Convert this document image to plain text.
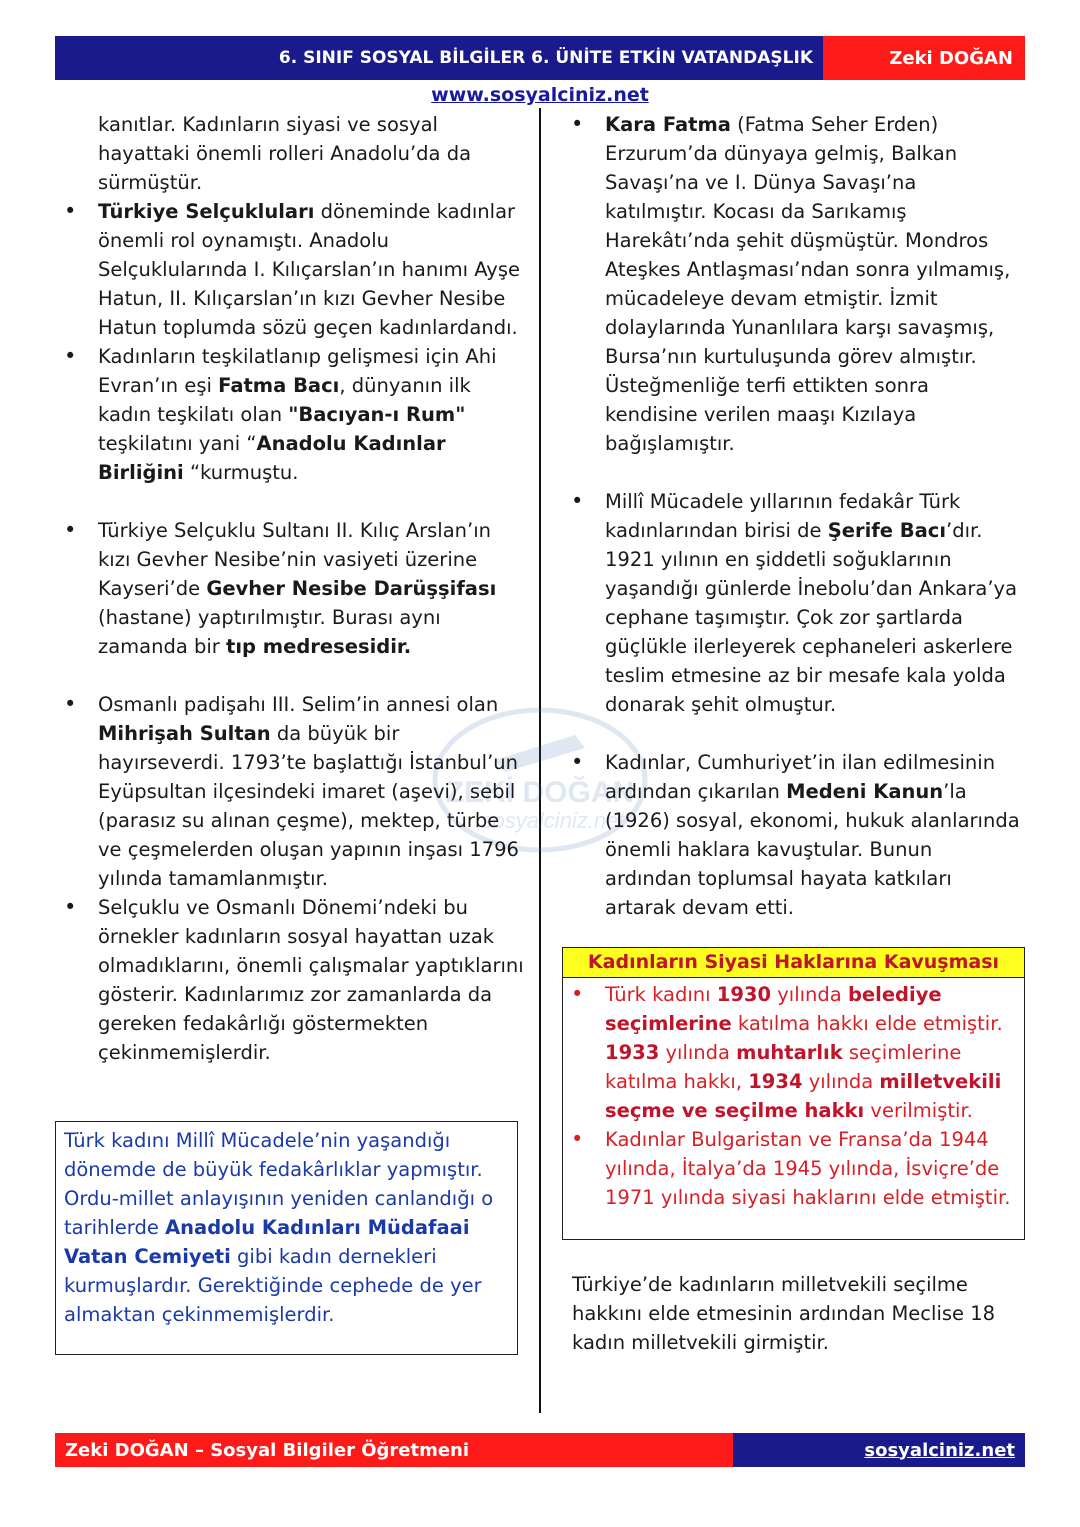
6. SINIF SOSYAL BİLGİLER 6. ÜNİTE ETKİN VATANDAŞLIK	Zeki DOĞAN
www.sosyalciniz.net
ZEKİ DOĞAN
sosyalciniz.net

kanıtlar. Kadınların siyasi ve sosyal hayattaki önemli rolleri Anadolu’da da sürmüştür.

• Türkiye Selçukluları döneminde kadınlar önemli rol oynamıştı. Anadolu Selçuklularında I. Kılıçarslan’ın hanımı Ayşe Hatun, II. Kılıçarslan’ın kızı Gevher Nesibe Hatun toplumda sözü geçen kadınlardandı.
• Kadınların teşkilatlanıp gelişmesi için Ahi Evran’ın eşi Fatma Bacı, dünyanın ilk kadın teşkilatı olan "Bacıyan-ı Rum" teşkilatını yani “Anadolu Kadınlar Birliğini “kurmuştu.
• Türkiye Selçuklu Sultanı II. Kılıç Arslan’ın kızı Gevher Nesibe’nin vasiyeti üzerine Kayseri’de Gevher Nesibe Darüşşifası (hastane) yaptırılmıştır. Burası aynı zamanda bir tıp medresesidir.
• Osmanlı padişahı III. Selim’in annesi olan Mihrişah Sultan da büyük bir hayırseverdi. 1793’te başlattığı İstanbul’un Eyüpsultan ilçesindeki imaret (aşevi), sebil (parasız su alınan çeşme), mektep, türbe ve çeşmelerden oluşan yapının inşası 1796 yılında tamamlanmıştır.
• Selçuklu ve Osmanlı Dönemi’ndeki bu örnekler kadınların sosyal hayattan uzak olmadıklarını, önemli çalışmalar yaptıklarını gösterir. Kadınlarımız zor zamanlarda da gereken fedakârlığı göstermekten çekinmemişlerdir.
Türk kadını Millî Mücadele’nin yaşandığı dönemde de büyük fedakârlıklar yapmıştır. Ordu-millet anlayışının yeniden canlandığı o tarihlerde Anadolu Kadınları Müdafaai Vatan Cemiyeti gibi kadın dernekleri kurmuşlardır. Gerektiğinde cephede de yer almaktan çekinmemişlerdir.
• Kara Fatma (Fatma Seher Erden) Erzurum’da dünyaya gelmiş, Balkan Savaşı’na ve I. Dünya Savaşı’na katılmıştır. Kocası da Sarıkamış Harekâtı’nda şehit düşmüştür. Mondros Ateşkes Antlaşması’ndan sonra yılmamış, mücadeleye devam etmiştir. İzmit dolaylarında Yunanlılara karşı savaşmış, Bursa’nın kurtuluşunda görev almıştır. Üsteğmenliğe terfi ettikten sonra kendisine verilen maaşı Kızılaya bağışlamıştır.
• Millî Mücadele yıllarının fedakâr Türk kadınlarından birisi de Şerife Bacı’dır. 1921 yılının en şiddetli soğuklarının yaşandığı günlerde İnebolu’dan Ankara’ya cephane taşımıştır. Çok zor şartlarda güçlükle ilerleyerek cephaneleri askerlere teslim etmesine az bir mesafe kala yolda donarak şehit olmuştur.
• Kadınlar, Cumhuriyet’in ilan edilmesinin ardından çıkarılan Medeni Kanun’la (1926) sosyal, ekonomi, hukuk alanlarında önemli haklara kavuştular. Bunun ardından toplumsal hayata katkıları artarak devam etti.
Kadınların Siyasi Haklarına Kavuşması
• Türk kadını 1930 yılında belediye seçimlerine katılma hakkı elde etmiştir. 1933 yılında muhtarlık seçimlerine katılma hakkı, 1934 yılında milletvekili seçme ve seçilme hakkı verilmiştir.
• Kadınlar Bulgaristan ve Fransa’da 1944 yılında, İtalya’da 1945 yılında, İsviçre’de 1971 yılında siyasi haklarını elde etmiştir.

Türkiye’de kadınların milletvekili seçilme hakkını elde etmesinin ardından Meclise 18 kadın milletvekili girmiştir.

Zeki DOĞAN – Sosyal Bilgiler Öğretmeni	sosyalciniz.net
